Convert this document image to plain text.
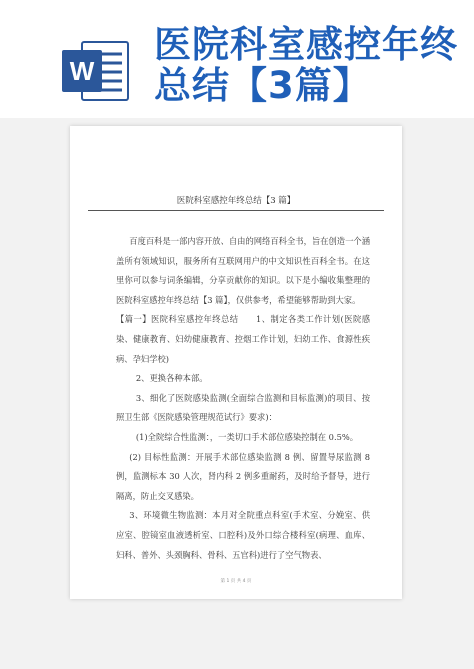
W
医院科室感控年终
总结【3篇】
医院科室感控年终总结【3 篇】

百度百科是一部内容开放、自由的网络百科全书，旨在创造一个涵盖所有领域知识，服务所有互联网用户的中文知识性百科全书。在这里你可以参与词条编辑，分享贡献你的知识。以下是小编收集整理的医院科室感控年终总结【3 篇】，仅供参考，希望能够帮助到大家。

【篇一】医院科室感控年终总结　　1、制定各类工作计划(医院感染、健康教育、妇幼健康教育、控烟工作计划，妇幼工作、食源性疾病、孕妇学校)

2、更换各种本部。

3、细化了医院感染监测(全面综合监测和目标监测)的项目、按照卫生部《医院感染管理规范试行》要求)：

(1)全院综合性监测：，一类切口手术部位感染控制在 0.5%。

(2) 目标性监测：开展手术部位感染监测 8 例、留置导尿监测 8 例，监测标本 30 人次，肾内科 2 例多重耐药，及时给予督导，进行隔离，防止交叉感染。

3、环境微生物监测：本月对全院重点科室(手术室、分娩室、供应室、腔镜室血液透析室、口腔科)及外口综合楼科室(病理、血库、妇科、普外、头颈胸科、骨科、五官科)进行了空气物表、

第 1 页 共 4 页
